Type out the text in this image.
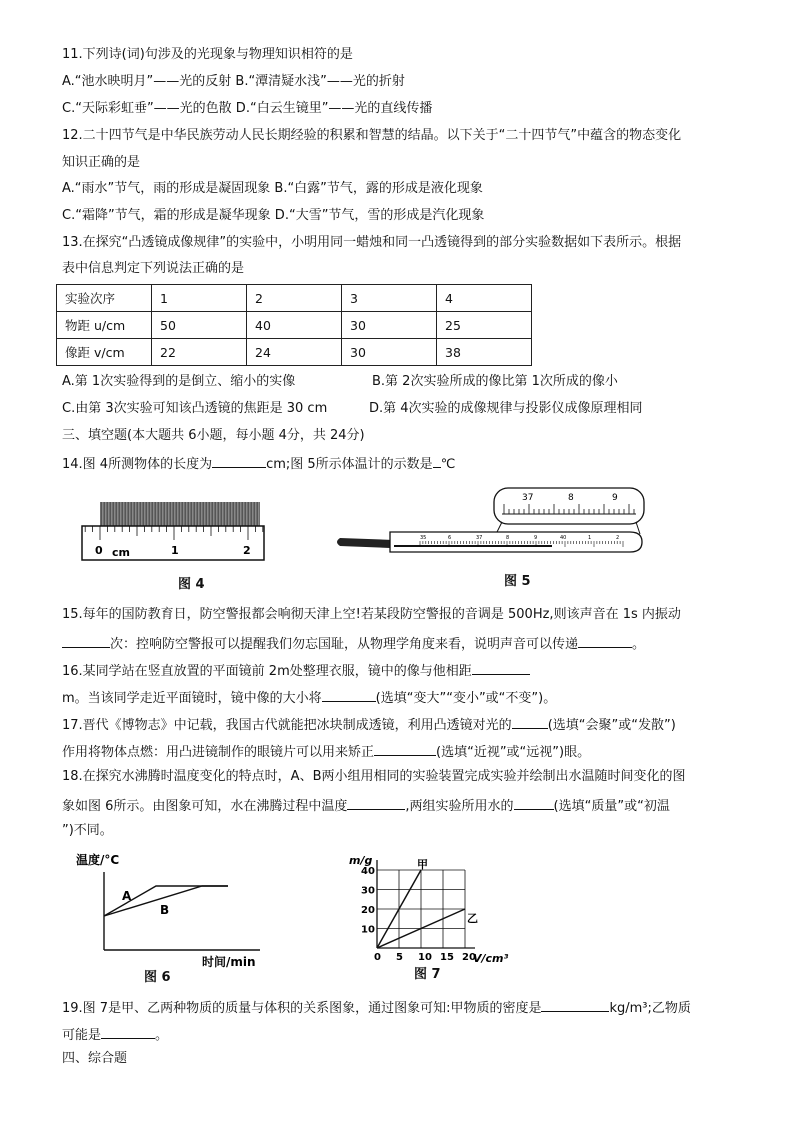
11.下列诗(词)句涉及的光现象与物理知识相符的是
A.“池水映明月”——光的反射 B.“潭清疑水浅”——光的折射
C.“天际彩虹垂”——光的色散 D.“白云生镜里”——光的直线传播
12.二十四节气是中华民族劳动人民长期经验的积累和智慧的结晶。以下关于“二十四节气”中蕴含的物态变化
知识正确的是
A.“雨水”节气，雨的形成是凝固现象 B.“白露”节气，露的形成是液化现象
C.“霜降”节气，霜的形成是凝华现象 D.“大雪”节气，雪的形成是汽化现象
13.在探究“凸透镜成像规律”的实验中，小明用同一蜡烛和同一凸透镜得到的部分实验数据如下表所示。根据
表中信息判定下列说法正确的是
实验次序	1	2	3	4
物距 u/cm	50	40	30	25
像距 v/cm	22	24	30	38
A.第 1次实验得到的是倒立、缩小的实像	B.第 2次实验所成的像比第 1次所成的像小
C.由第 3次实验可知该凸透镜的焦距是 30 cm	D.第 4次实验的成像规律与投影仪成像原理相同
三、填空题(本大题共 6小题，每小题 4分，共 24分)
14.图 4所测物体的长度为	cm;图 5所示体温计的示数是 ℃
0 cm	1	2
图 4
37	8	9
35	6	37	8	9	40	1	2
图 5
15.每年的国防教育日，防空警报都会响彻天津上空!若某段防空警报的音调是 500Hz,则该声音在 1s 内振动
次：控响防空警报可以提醒我们勿忘国耻，从物理学角度来看，说明声音可以传递	。
16.某同学站在竖直放置的平面镜前 2m处整理衣服，镜中的像与他相距
m。当该同学走近平面镜时，镜中像的大小将	(选填“变大”“变小”或“不变”)。
17.晋代《博物志》中记载，我国古代就能把冰块制成透镜，利用凸透镜对光的	(选填“会聚”或“发散”)
作用将物体点燃：用凸进镜制作的眼镜片可以用来矫正	(选填“近视”或“远视”)眼。
18.在探究水沸腾时温度变化的特点时，A、B两小组用相同的实验装置完成实验并绘制出水温随时间变化的图
象如图 6所示。由图象可知，水在沸腾过程中温度	,两组实验所用水的	(选填“质量”或“初温
”)不同。
温度/°C
A
B
时间/min
图 6
m/g	甲
乙
V/cm³
0 5 10 15 20
10
20
30
40
图 7
19.图 7是甲、乙两种物质的质量与体积的关系图象，通过图象可知:甲物质的密度是	kg/m³;乙物质
可能是	。
四、综合题
